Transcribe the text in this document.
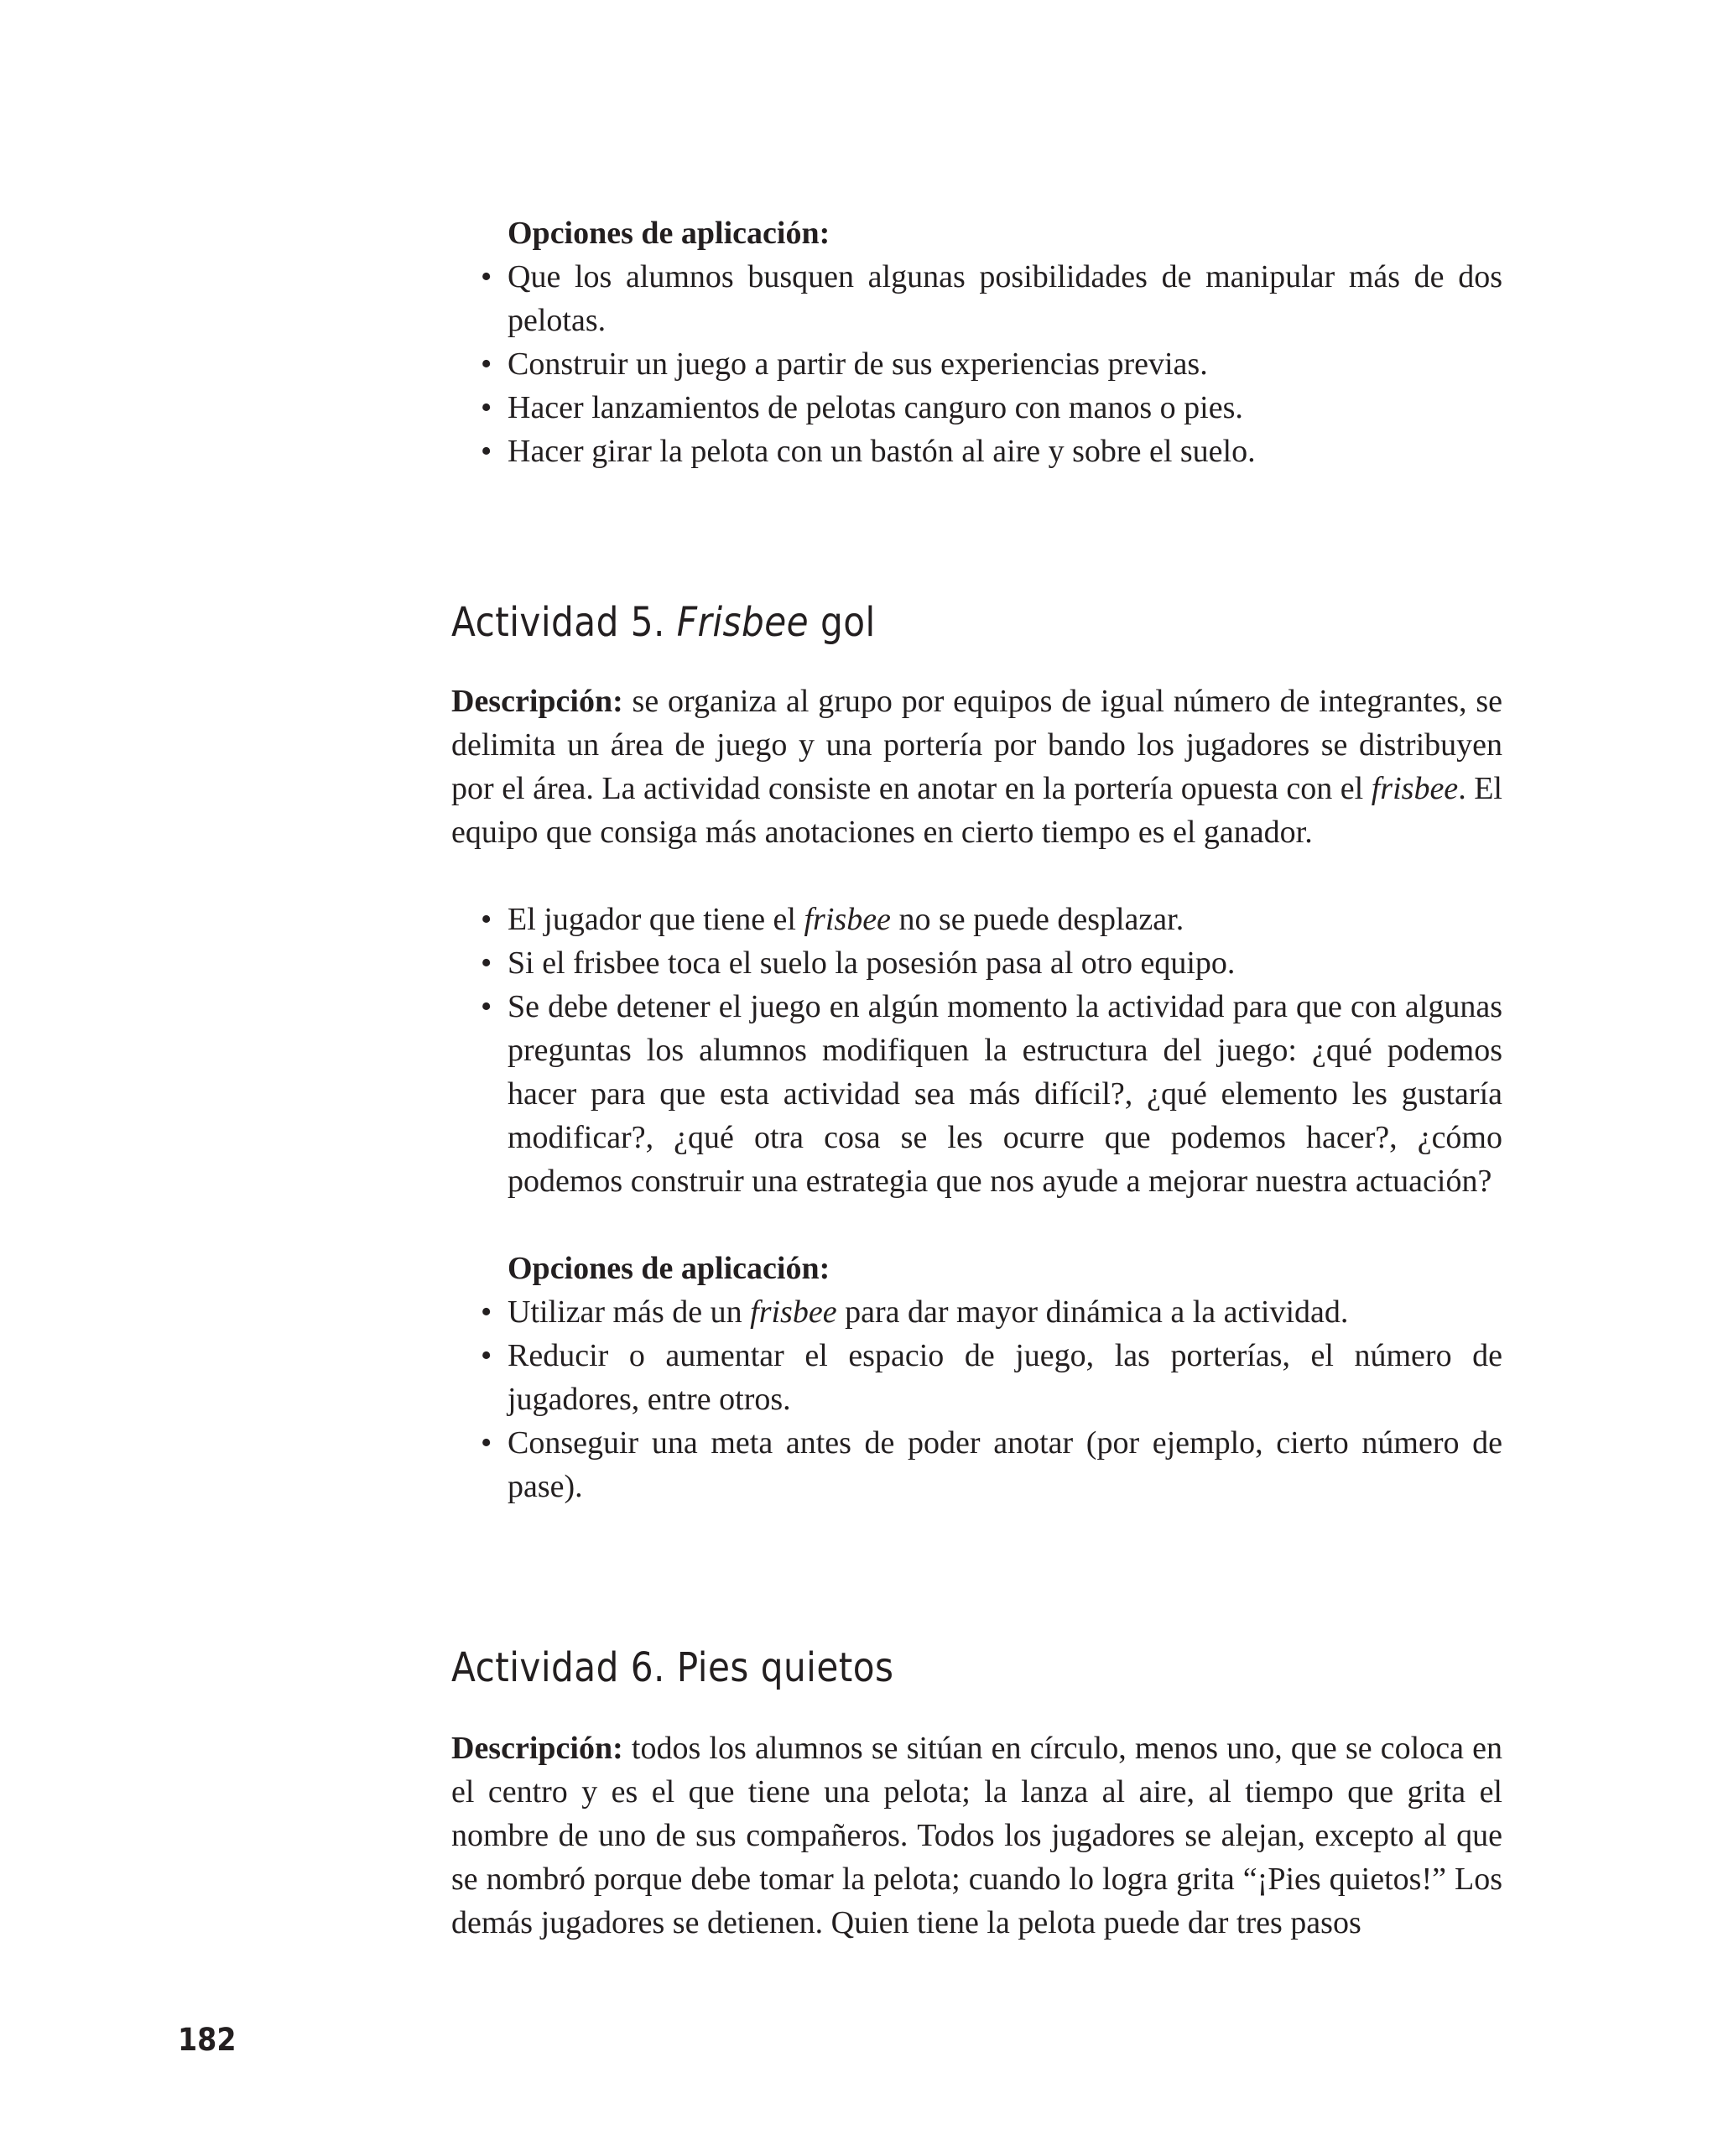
Opciones de aplicación:
• Que los alumnos busquen algunas posibilidades de manipular más de dos pelotas.
• Construir un juego a partir de sus experiencias previas.
• Hacer lanzamientos de pelotas canguro con manos o pies.
• Hacer girar la pelota con un bastón al aire y sobre el suelo.
Actividad 5. Frisbee gol

Descripción: se organiza al grupo por equipos de igual número de integrantes, se delimita un área de juego y una portería por bando los jugadores se distribuyen por el área. La actividad consiste en anotar en la portería opuesta con el frisbee. El equipo que consiga más anotaciones en cierto tiempo es el ganador.

• El jugador que tiene el frisbee no se puede desplazar.
• Si el frisbee toca el suelo la posesión pasa al otro equipo.
• Se debe detener el juego en algún momento la actividad para que con algunas preguntas los alumnos modifiquen la estructura del juego: ¿qué podemos hacer para que esta actividad sea más difícil?, ¿qué elemento les gustaría modificar?, ¿qué otra cosa se les ocurre que podemos hacer?, ¿cómo podemos construir una estrategia que nos ayude a mejorar nuestra actuación?
Opciones de aplicación:
• Utilizar más de un frisbee para dar mayor dinámica a la actividad.
• Reducir o aumentar el espacio de juego, las porterías, el número de jugadores, entre otros.
• Conseguir una meta antes de poder anotar (por ejemplo, cierto número de pase).
Actividad 6. Pies quietos

Descripción: todos los alumnos se sitúan en círculo, menos uno, que se coloca en el centro y es el que tiene una pelota; la lanza al aire, al tiempo que grita el nombre de uno de sus compañeros. Todos los jugadores se alejan, excepto al que se nombró porque debe tomar la pelota; cuando lo logra grita “¡Pies quietos!” Los demás jugadores se detienen. Quien tiene la pelota puede dar tres pasos

182
